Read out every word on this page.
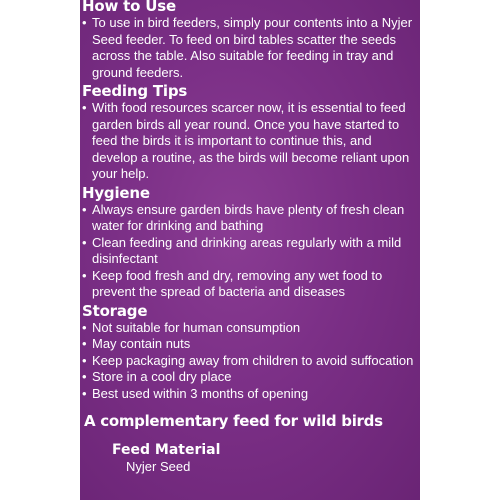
How to Use
• To use in bird feeders, simply pour contents into a Nyjer Seed feeder. To feed on bird tables scatter the seeds across the table. Also suitable for feeding in tray and ground feeders.
Feeding Tips
• With food resources scarcer now, it is essential to feed garden birds all year round. Once you have started to feed the birds it is important to continue this, and develop a routine, as the birds will become reliant upon your help.
Hygiene
• Always ensure garden birds have plenty of fresh clean water for drinking and bathing
• Clean feeding and drinking areas regularly with a mild disinfectant
• Keep food fresh and dry, removing any wet food to prevent the spread of bacteria and diseases
Storage
• Not suitable for human consumption
• May contain nuts
• Keep packaging away from children to avoid suffocation
• Store in a cool dry place
• Best used within 3 months of opening
A complementary feed for wild birds
Feed Material
Nyjer Seed
